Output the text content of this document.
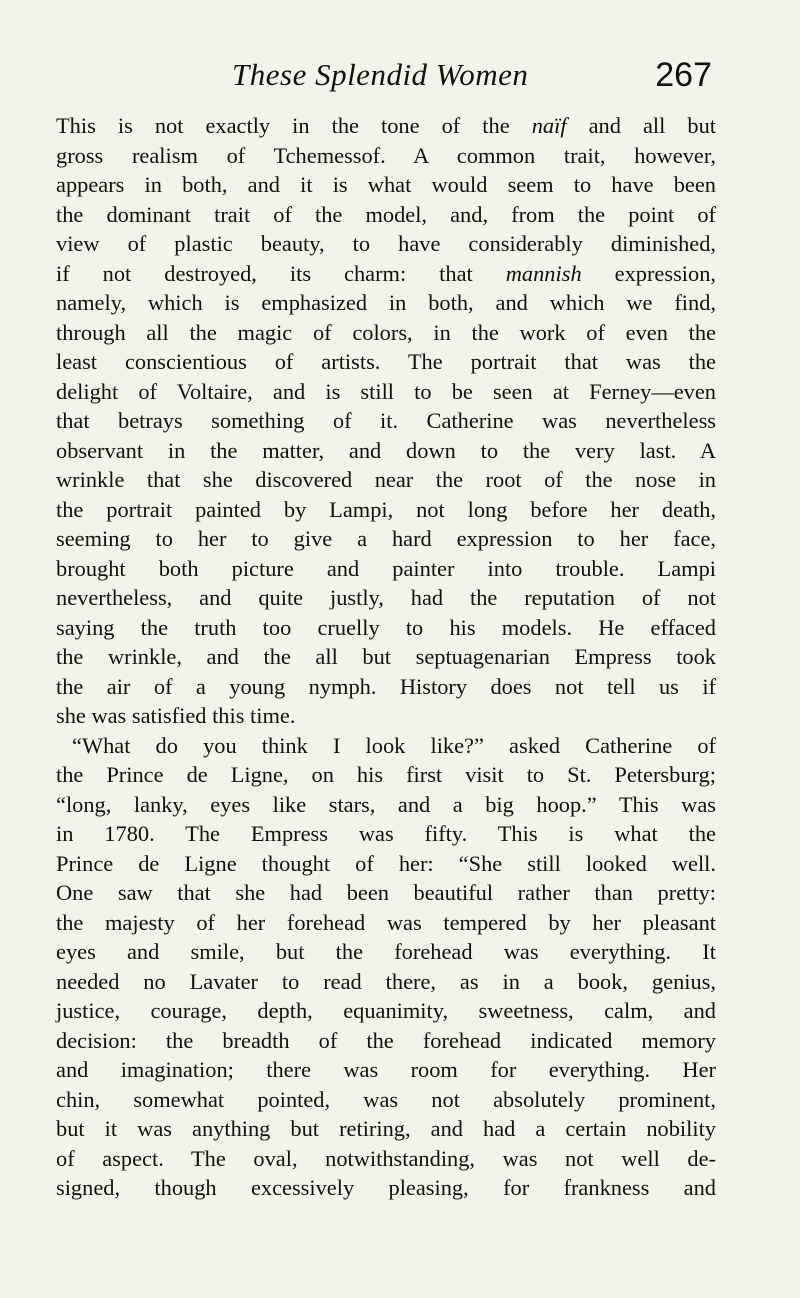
These Splendid Women	267
This is not exactly in the tone of the naïf and all but
gross realism of Tchemessof. A common trait, however,
appears in both, and it is what would seem to have been
the dominant trait of the model, and, from the point of
view of plastic beauty, to have considerably diminished,
if not destroyed, its charm: that mannish expression,
namely, which is emphasized in both, and which we find,
through all the magic of colors, in the work of even the
least conscientious of artists. The portrait that was the
delight of Voltaire, and is still to be seen at Ferney—even
that betrays something of it. Catherine was nevertheless
observant in the matter, and down to the very last. A
wrinkle that she discovered near the root of the nose in
the portrait painted by Lampi, not long before her death,
seeming to her to give a hard expression to her face,
brought both picture and painter into trouble. Lampi
nevertheless, and quite justly, had the reputation of not
saying the truth too cruelly to his models. He effaced
the wrinkle, and the all but septuagenarian Empress took
the air of a young nymph. History does not tell us if
she was satisfied this time.
“What do you think I look like?” asked Catherine of
the Prince de Ligne, on his first visit to St. Petersburg;
“long, lanky, eyes like stars, and a big hoop.” This was
in 1780. The Empress was fifty. This is what the
Prince de Ligne thought of her: “She still looked well.
One saw that she had been beautiful rather than pretty:
the majesty of her forehead was tempered by her pleasant
eyes and smile, but the forehead was everything. It
needed no Lavater to read there, as in a book, genius,
justice, courage, depth, equanimity, sweetness, calm, and
decision: the breadth of the forehead indicated memory
and imagination; there was room for everything. Her
chin, somewhat pointed, was not absolutely prominent,
but it was anything but retiring, and had a certain nobility
of aspect. The oval, notwithstanding, was not well de-
signed, though excessively pleasing, for frankness and
